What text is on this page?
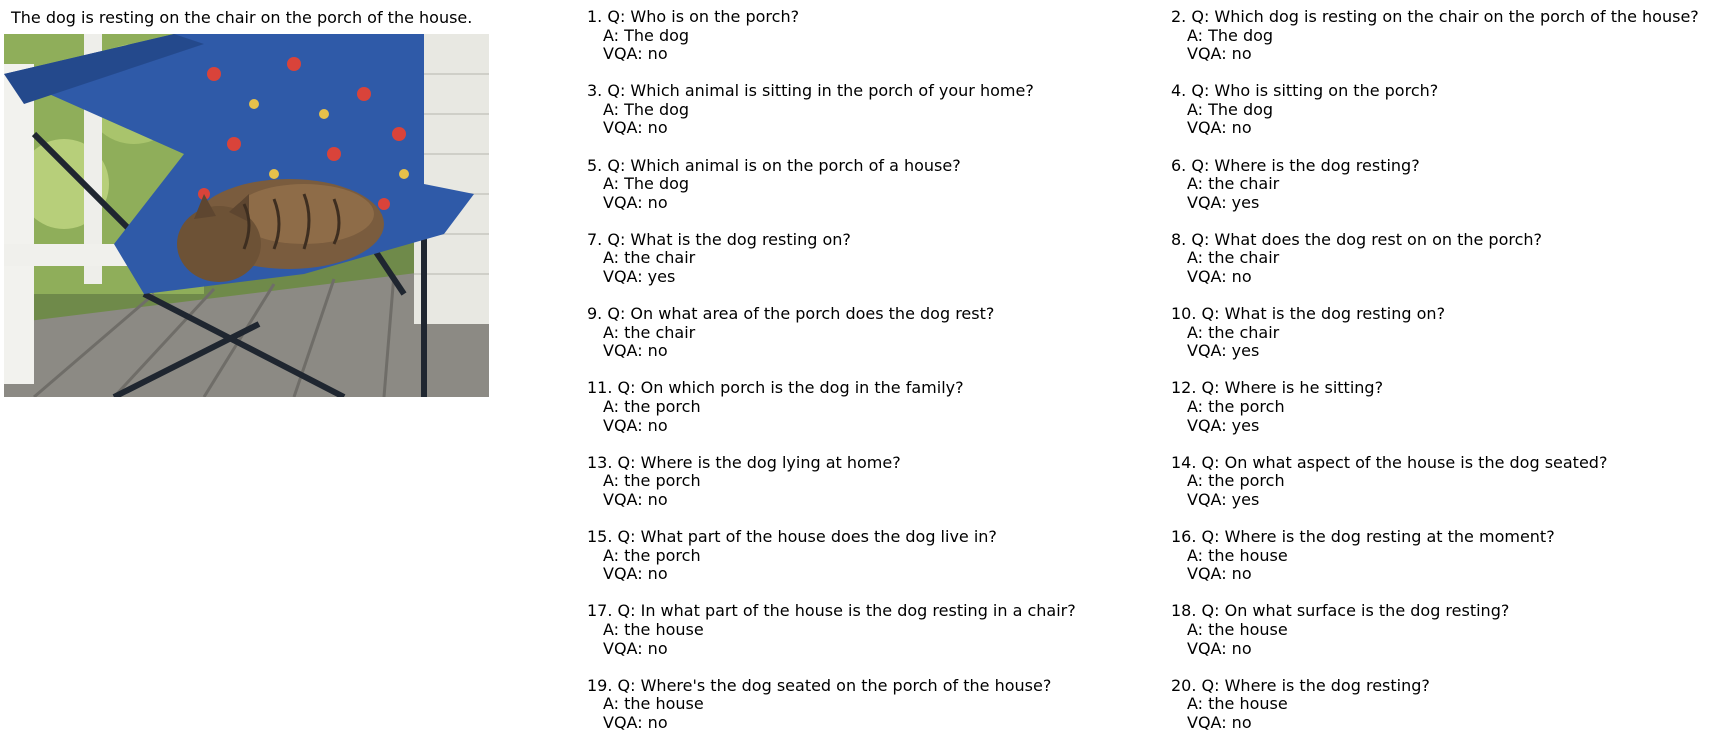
The dog is resting on the chair on the porch of the house.	1. Q: Who is on the porch?
A: The dog
VQA: no
3. Q: Which animal is sitting in the porch of your home?
A: The dog
VQA: no
5. Q: Which animal is on the porch of a house?
A: The dog
VQA: no
7. Q: What is the dog resting on?
A: the chair
VQA: yes
9. Q: On what area of the porch does the dog rest?
A: the chair
VQA: no
11. Q: On which porch is the dog in the family?
A: the porch
VQA: no
13. Q: Where is the dog lying at home?
A: the porch
VQA: no
15. Q: What part of the house does the dog live in?
A: the porch
VQA: no
17. Q: In what part of the house is the dog resting in a chair?
A: the house
VQA: no
19. Q: Where's the dog seated on the porch of the house?
A: the house
VQA: no
2. Q: Which dog is resting on the chair on the porch of the house?
A: The dog
VQA: no
4. Q: Who is sitting on the porch?
A: The dog
VQA: no
6. Q: Where is the dog resting?
A: the chair
VQA: yes
8. Q: What does the dog rest on on the porch?
A: the chair
VQA: no
10. Q: What is the dog resting on?
A: the chair
VQA: yes
12. Q: Where is he sitting?
A: the porch
VQA: yes
14. Q: On what aspect of the house is the dog seated?
A: the porch
VQA: yes
16. Q: Where is the dog resting at the moment?
A: the house
VQA: no
18. Q: On what surface is the dog resting?
A: the house
VQA: no
20. Q: Where is the dog resting?
A: the house
VQA: no
